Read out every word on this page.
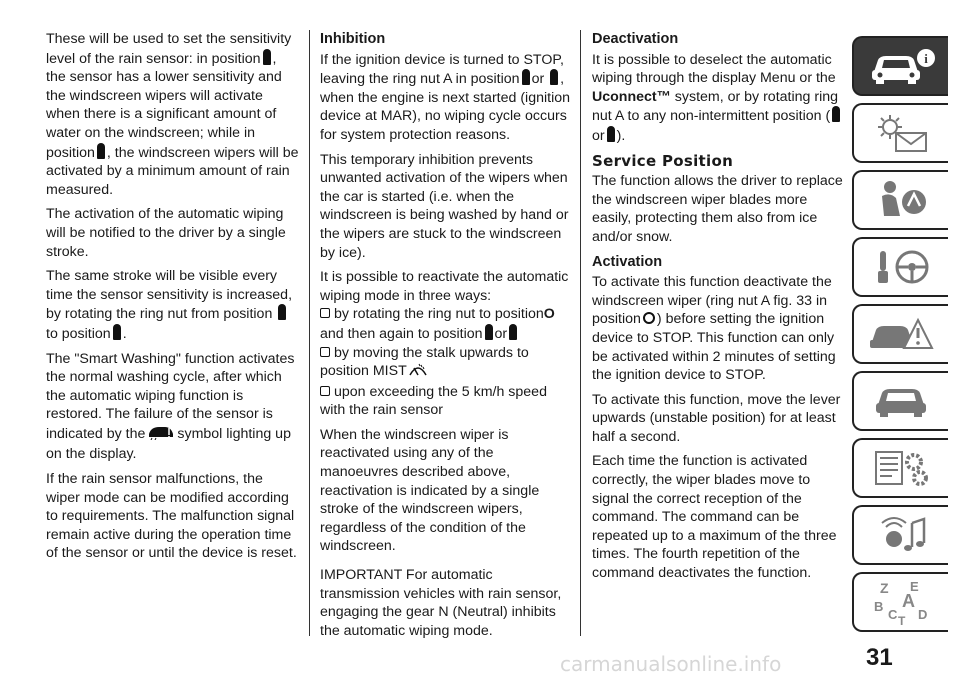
These will be used to set the sensitivity level of the rain sensor: in position , the sensor has a lower sensitivity and the windscreen wipers will activate when there is a significant amount of water on the windscreen; while in position , the windscreen wipers will be activated by a minimum amount of rain measured.

The activation of the automatic wiping will be notified to the driver by a single stroke.

The same stroke will be visible every time the sensor sensitivity is increased, by rotating the ring nut from position to position .

The "Smart Washing" function activates the normal washing cycle, after which the automatic wiping function is restored. The failure of the sensor is indicated by the symbol lighting up on the display.

If the rain sensor malfunctions, the wiper mode can be modified according to requirements. The malfunction signal remain active during the operation time of the sensor or until the device is reset.

Inhibition

If the ignition device is turned to STOP, leaving the ring nut A in position or , when the engine is next started (ignition device at MAR), no wiping cycle occurs for system protection reasons.

This temporary inhibition prevents unwanted activation of the wipers when the car is started (i.e. when the windscreen is being washed by hand or the wipers are stuck to the windscreen by ice).

It is possible to reactivate the automatic wiping mode in three ways:

by rotating the ring nut to positionO and then again to position or

by moving the stalk upwards to position MIST

upon exceeding the 5 km/h speed with the rain sensor

When the windscreen wiper is reactivated using any of the manoeuvres described above, reactivation is indicated by a single stroke of the windscreen wipers, regardless of the condition of the windscreen.

IMPORTANT For automatic transmission vehicles with rain sensor, engaging the gear N (Neutral) inhibits the automatic wiping mode.

Deactivation

It is possible to deselect the automatic wiping through the display Menu or the Uconnect™ system, or by rotating ring nut A to any non-intermittent position (or ).

Service Position

The function allows the driver to replace the windscreen wiper blades more easily, protecting them also from ice and/or snow.

Activation

To activate this function deactivate the windscreen wiper (ring nut A fig. 33 in position ) before setting the ignition device to STOP. This function can only be activated within 2 minutes of setting the ignition device to STOP.

To activate this function, move the lever upwards (unstable position) for at least half a second.

Each time the function is activated correctly, the wiper blades move to signal the correct reception of the command. The command can be repeated up to a maximum of the three times. The fourth repetition of the command deactivates the function.

i
Z E
A
B
C T D
carmanualsonline.info	31
